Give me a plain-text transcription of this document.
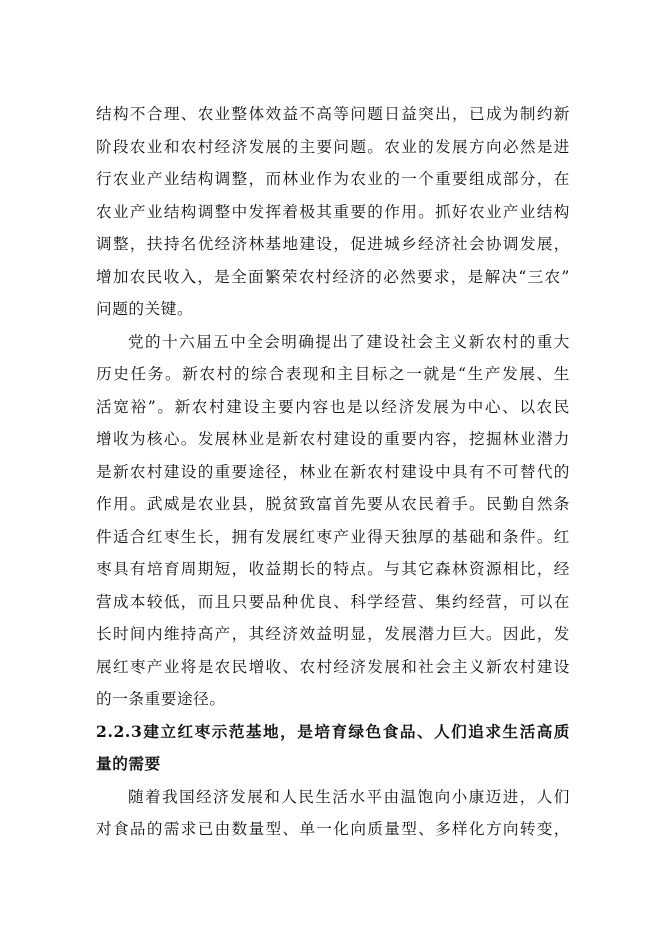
结构不合理、农业整体效益不高等问题日益突出，已成为制约新
阶段农业和农村经济发展的主要问题。农业的发展方向必然是进
行农业产业结构调整，而林业作为农业的一个重要组成部分，在
农业产业结构调整中发挥着极其重要的作用。抓好农业产业结构
调整，扶持名优经济林基地建设，促进城乡经济社会协调发展，
增加农民收入，是全面繁荣农村经济的必然要求，是解决“三农”
问题的关键。
党的十六届五中全会明确提出了建设社会主义新农村的重大
历史任务。新农村的综合表现和主目标之一就是“生产发展、生
活宽裕”。新农村建设主要内容也是以经济发展为中心、以农民
增收为核心。发展林业是新农村建设的重要内容，挖掘林业潜力
是新农村建设的重要途径，林业在新农村建设中具有不可替代的
作用。武威是农业县，脱贫致富首先要从农民着手。民勤自然条
件适合红枣生长，拥有发展红枣产业得天独厚的基础和条件。红
枣具有培育周期短，收益期长的特点。与其它森林资源相比，经
营成本较低，而且只要品种优良、科学经营、集约经营，可以在
长时间内维持高产，其经济效益明显，发展潜力巨大。因此，发
展红枣产业将是农民增收、农村经济发展和社会主义新农村建设
的一条重要途径。
2.2.3建立红枣示范基地，是培育绿色食品、人们追求生活高质
量的需要
随着我国经济发展和人民生活水平由温饱向小康迈进，人们
对食品的需求已由数量型、单一化向质量型、多样化方向转变，
